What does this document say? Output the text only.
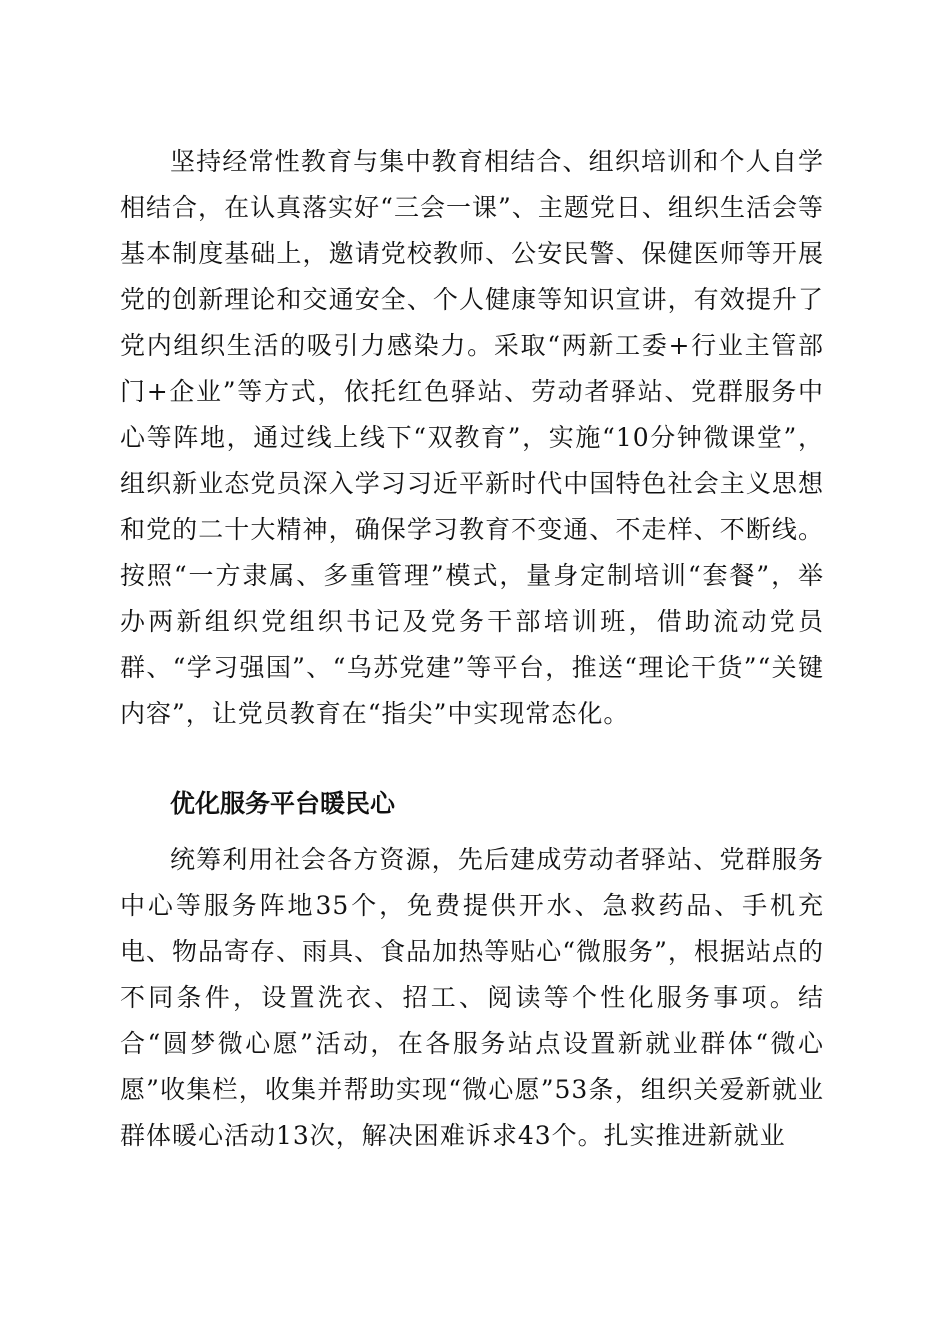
坚持经常性教育与集中教育相结合、组织培训和个人自学相结合，在认真落实好“三会一课”、主题党日、组织生活会等基本制度基础上，邀请党校教师、公安民警、保健医师等开展党的创新理论和交通安全、个人健康等知识宣讲，有效提升了党内组织生活的吸引力感染力。采取“两新工委+行业主管部门+企业”等方式，依托红色驿站、劳动者驿站、党群服务中心等阵地，通过线上线下“双教育”，实施“10分钟微课堂”，组织新业态党员深入学习习近平新时代中国特色社会主义思想和党的二十大精神，确保学习教育不变通、不走样、不断线。按照“一方隶属、多重管理”模式，量身定制培训“套餐”，举办两新组织党组织书记及党务干部培训班，借助流动党员群、“学习强国”、“乌苏党建”等平台，推送“理论干货”“关键内容”，让党员教育在“指尖”中实现常态化。

优化服务平台暖民心

统筹利用社会各方资源，先后建成劳动者驿站、党群服务中心等服务阵地35个，免费提供开水、急救药品、手机充电、物品寄存、雨具、食品加热等贴心“微服务”，根据站点的不同条件，设置洗衣、招工、阅读等个性化服务事项。结合“圆梦微心愿”活动，在各服务站点设置新就业群体“微心愿”收集栏，收集并帮助实现“微心愿”53条，组织关爱新就业群体暖心活动13次，解决困难诉求43个。扎实推进新就业
